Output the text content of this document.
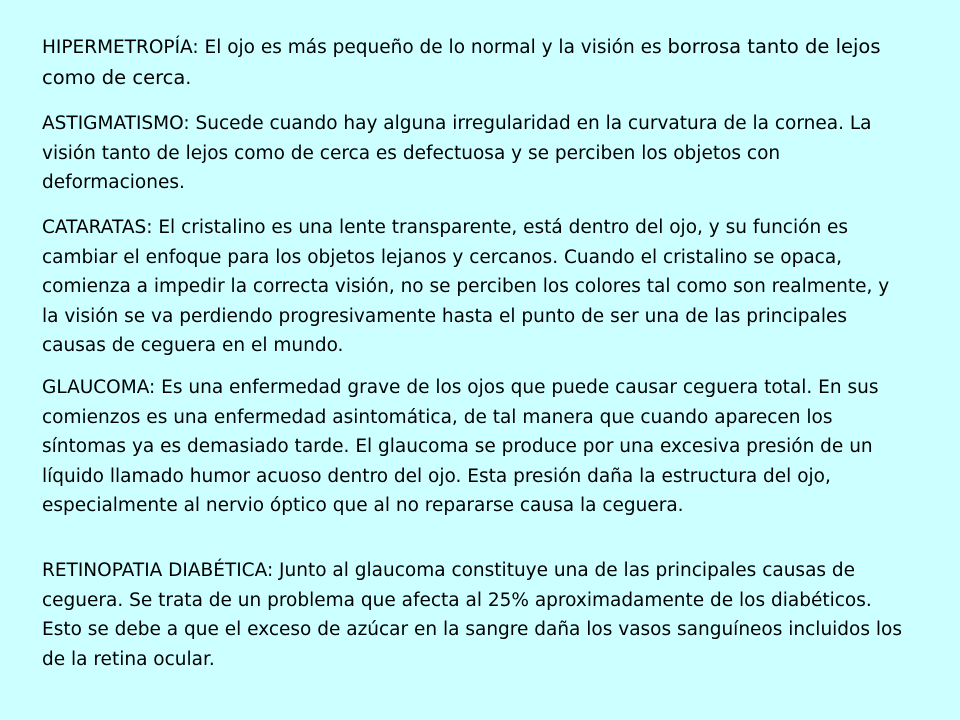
HIPERMETROPÍA: El ojo es más pequeño de lo normal y la visión es borrosa tanto de lejos como de cerca.

ASTIGMATISMO: Sucede cuando hay alguna irregularidad en la curvatura de la cornea. La visión tanto de lejos como de cerca es defectuosa y se perciben los objetos con deformaciones.

CATARATAS: El cristalino es una lente transparente, está dentro del ojo, y su función es cambiar el enfoque para los objetos lejanos y cercanos. Cuando el cristalino se opaca, comienza a impedir la correcta visión, no se perciben los colores tal como son realmente, y la visión se va perdiendo progresivamente hasta el punto de ser una de las principales causas de ceguera en el mundo.

GLAUCOMA: Es una enfermedad grave de los ojos que puede causar ceguera total. En sus comienzos es una enfermedad asintomática, de tal manera que cuando aparecen los síntomas ya es demasiado tarde. El glaucoma se produce por una excesiva presión de un líquido llamado humor acuoso dentro del ojo. Esta presión daña la estructura del ojo, especialmente al nervio óptico que al no repararse causa la ceguera.

RETINOPATIA DIABÉTICA: Junto al glaucoma constituye una de las principales causas de ceguera. Se trata de un problema que afecta al 25% aproximadamente de los diabéticos. Esto se debe a que el exceso de azúcar en la sangre daña los vasos sanguíneos incluidos los de la retina ocular.
